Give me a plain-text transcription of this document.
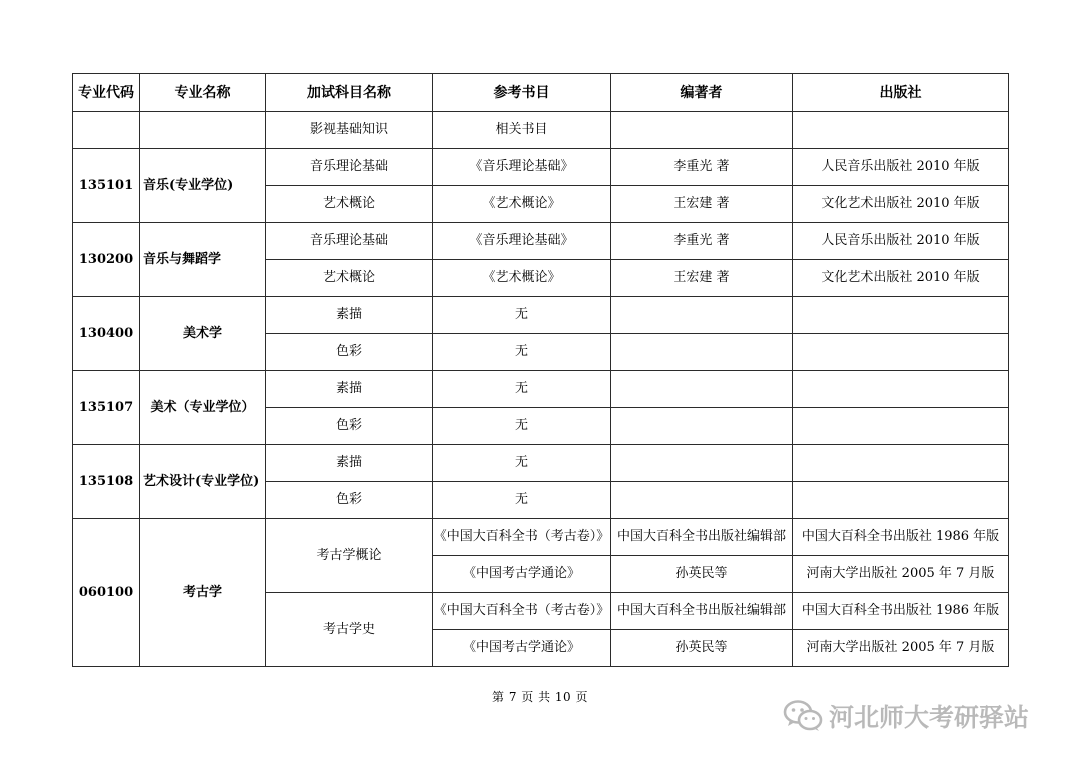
专业代码	专业名称	加试科目名称	参考书目	编著者	出版社
		影视基础知识	相关书目		
135101	音乐(专业学位)	音乐理论基础	《音乐理论基础》	李重光 著	人民音乐出版社 2010 年版
		艺术概论	《艺术概论》	王宏建 著	文化艺术出版社 2010 年版
130200	音乐与舞蹈学	音乐理论基础	《音乐理论基础》	李重光 著	人民音乐出版社 2010 年版
		艺术概论	《艺术概论》	王宏建 著	文化艺术出版社 2010 年版
130400	美术学	素描	无		
		色彩	无		
135107	美术（专业学位）	素描	无		
		色彩	无		
135108	艺术设计(专业学位)	素描	无		
		色彩	无		
060100	考古学	考古学概论	《中国大百科全书（考古卷）》	中国大百科全书出版社编辑部	中国大百科全书出版社 1986 年版
			《中国考古学通论》	孙英民等	河南大学出版社 2005 年 7 月版
		考古学史	《中国大百科全书（考古卷）》	中国大百科全书出版社编辑部	中国大百科全书出版社 1986 年版
			《中国考古学通论》	孙英民等	河南大学出版社 2005 年 7 月版
第 7 页 共 10 页
河北师大考研驿站
